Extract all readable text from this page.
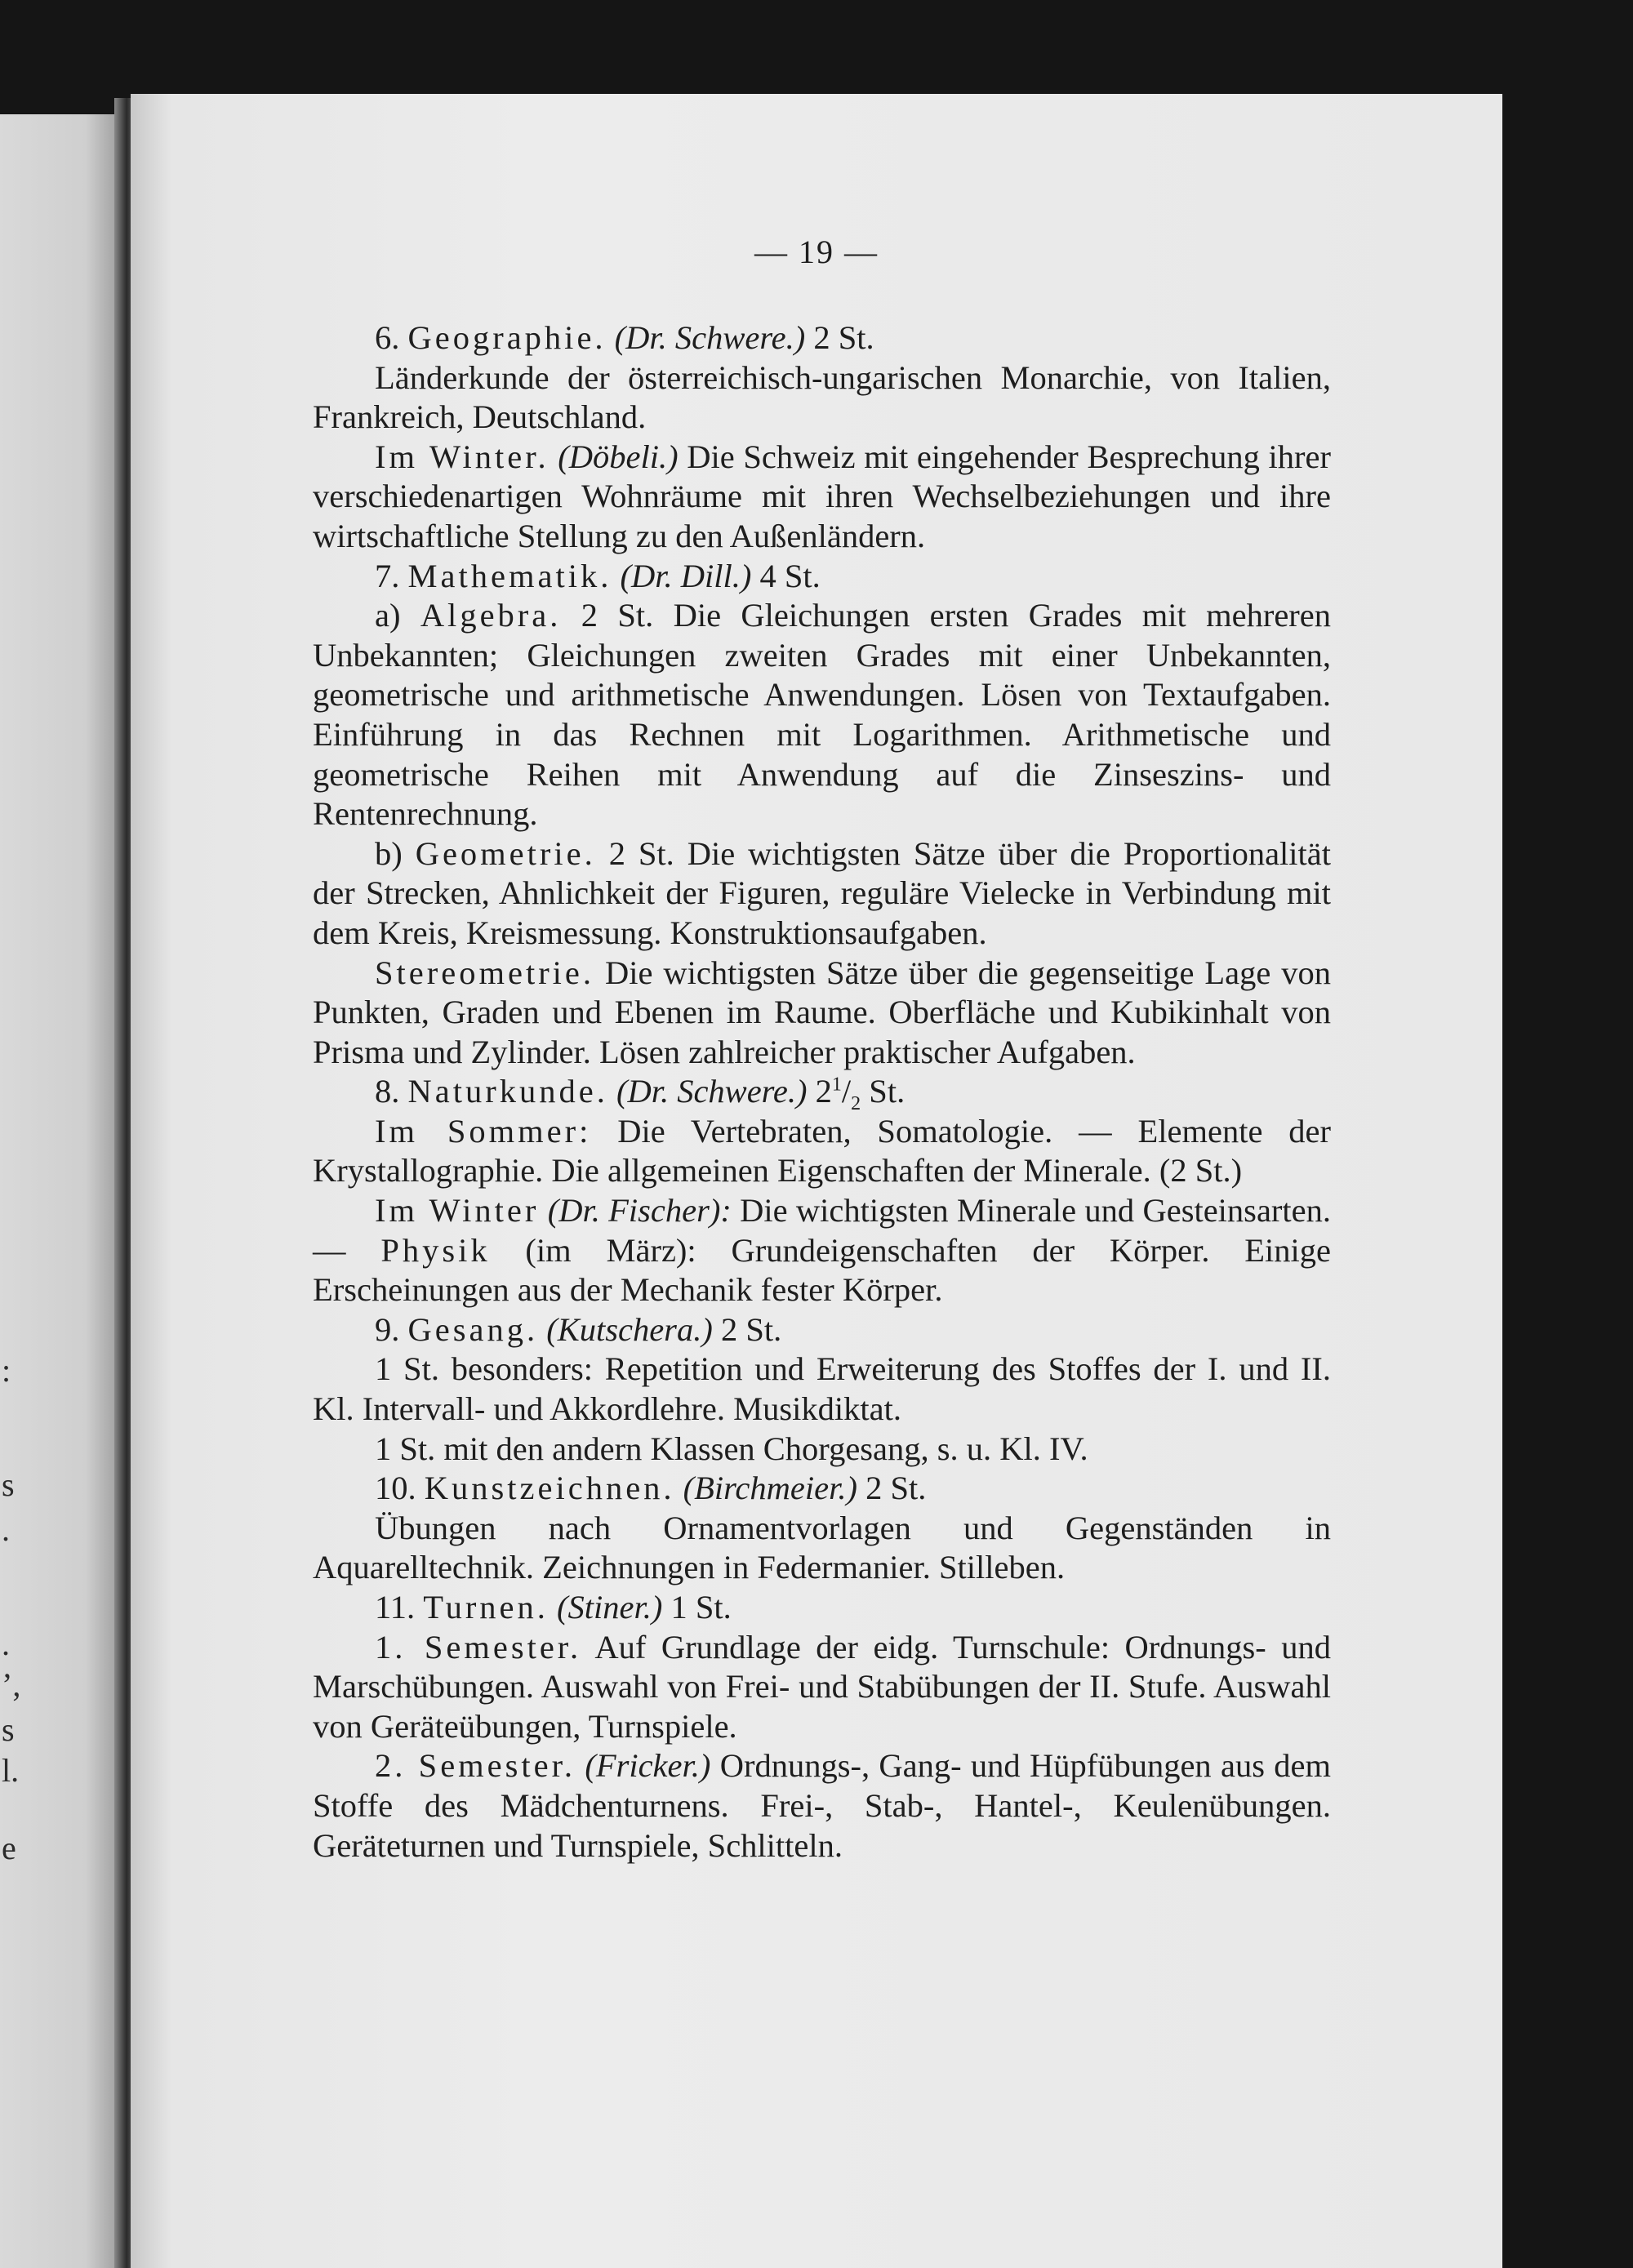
:
s
.
.
’,
s
l.
e
— 19 —

6. Geographie. (Dr. Schwere.) 2 St.

Länderkunde der österreichisch-ungarischen Monarchie, von Italien, Frankreich, Deutschland.

Im Winter. (Döbeli.) Die Schweiz mit eingehender Besprechung ihrer verschiedenartigen Wohnräume mit ihren Wechselbeziehungen und ihre wirtschaftliche Stellung zu den Außenländern.

7. Mathematik. (Dr. Dill.) 4 St.

a) Algebra. 2 St. Die Gleichungen ersten Grades mit mehreren Unbekannten; Gleichungen zweiten Grades mit einer Unbekannten, geometrische und arithmetische Anwendungen. Lösen von Textaufgaben. Einführung in das Rechnen mit Logarithmen. Arithmetische und geometrische Reihen mit Anwendung auf die Zinseszins- und Rentenrechnung.

b) Geometrie. 2 St. Die wichtigsten Sätze über die Proportionalität der Strecken, Ahnlichkeit der Figuren, reguläre Vielecke in Verbindung mit dem Kreis, Kreismessung. Konstruktionsaufgaben.

Stereometrie. Die wichtigsten Sätze über die gegenseitige Lage von Punkten, Graden und Ebenen im Raume. Oberfläche und Kubikinhalt von Prisma und Zylinder. Lösen zahlreicher praktischer Aufgaben.

8. Naturkunde. (Dr. Schwere.) $2^1/_2$ St.

Im Sommer: Die Vertebraten, Somatologie. — Elemente der Krystallographie. Die allgemeinen Eigenschaften der Minerale. (2 St.)

Im Winter (Dr. Fischer): Die wichtigsten Minerale und Gesteinsarten. — Physik (im März): Grundeigenschaften der Körper. Einige Erscheinungen aus der Mechanik fester Körper.

9. Gesang. (Kutschera.) 2 St.

1 St. besonders: Repetition und Erweiterung des Stoffes der I. und II. Kl. Intervall- und Akkordlehre. Musikdiktat.

1 St. mit den andern Klassen Chorgesang, s. u. Kl. IV.

10. Kunstzeichnen. (Birchmeier.) 2 St.

Übungen nach Ornamentvorlagen und Gegenständen in Aquarelltechnik. Zeichnungen in Federmanier. Stilleben.

11. Turnen. (Stiner.) 1 St.

1. Semester. Auf Grundlage der eidg. Turnschule: Ordnungs- und Marschübungen. Auswahl von Frei- und Stabübungen der II. Stufe. Auswahl von Geräteübungen, Turnspiele.

2. Semester. (Fricker.) Ordnungs-, Gang- und Hüpfübungen aus dem Stoffe des Mädchenturnens. Frei-, Stab-, Hantel-, Keulenübungen. Geräteturnen und Turnspiele, Schlitteln.
